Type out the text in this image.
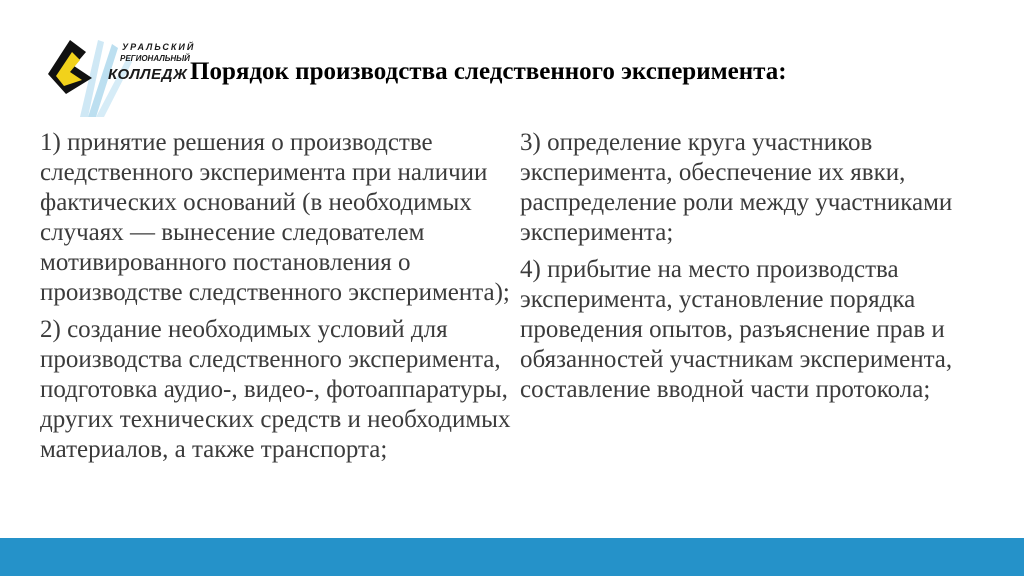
УРАЛЬСКИЙ
РЕГИОНАЛЬНЫЙ
КОЛЛЕДЖ Порядок производства следственного эксперимента:

1) принятие решения о производстве следственного эксперимента при наличии фактических оснований (в необходимых случаях — вынесение следователем мотивированного постановления о производстве следственного эксперимента);

2) создание необходимых условий для производства следственного эксперимента, подготовка аудио-, видео-, фотоаппаратуры, других технических средств и необходимых материалов, а также транспорта;

3) определение круга участников эксперимента, обеспечение их явки, распределение роли между участниками эксперимента;

4) прибытие на место производства эксперимента, установление порядка проведения опытов, разъяснение прав и обязанностей участникам эксперимента, составление вводной части протокола;
